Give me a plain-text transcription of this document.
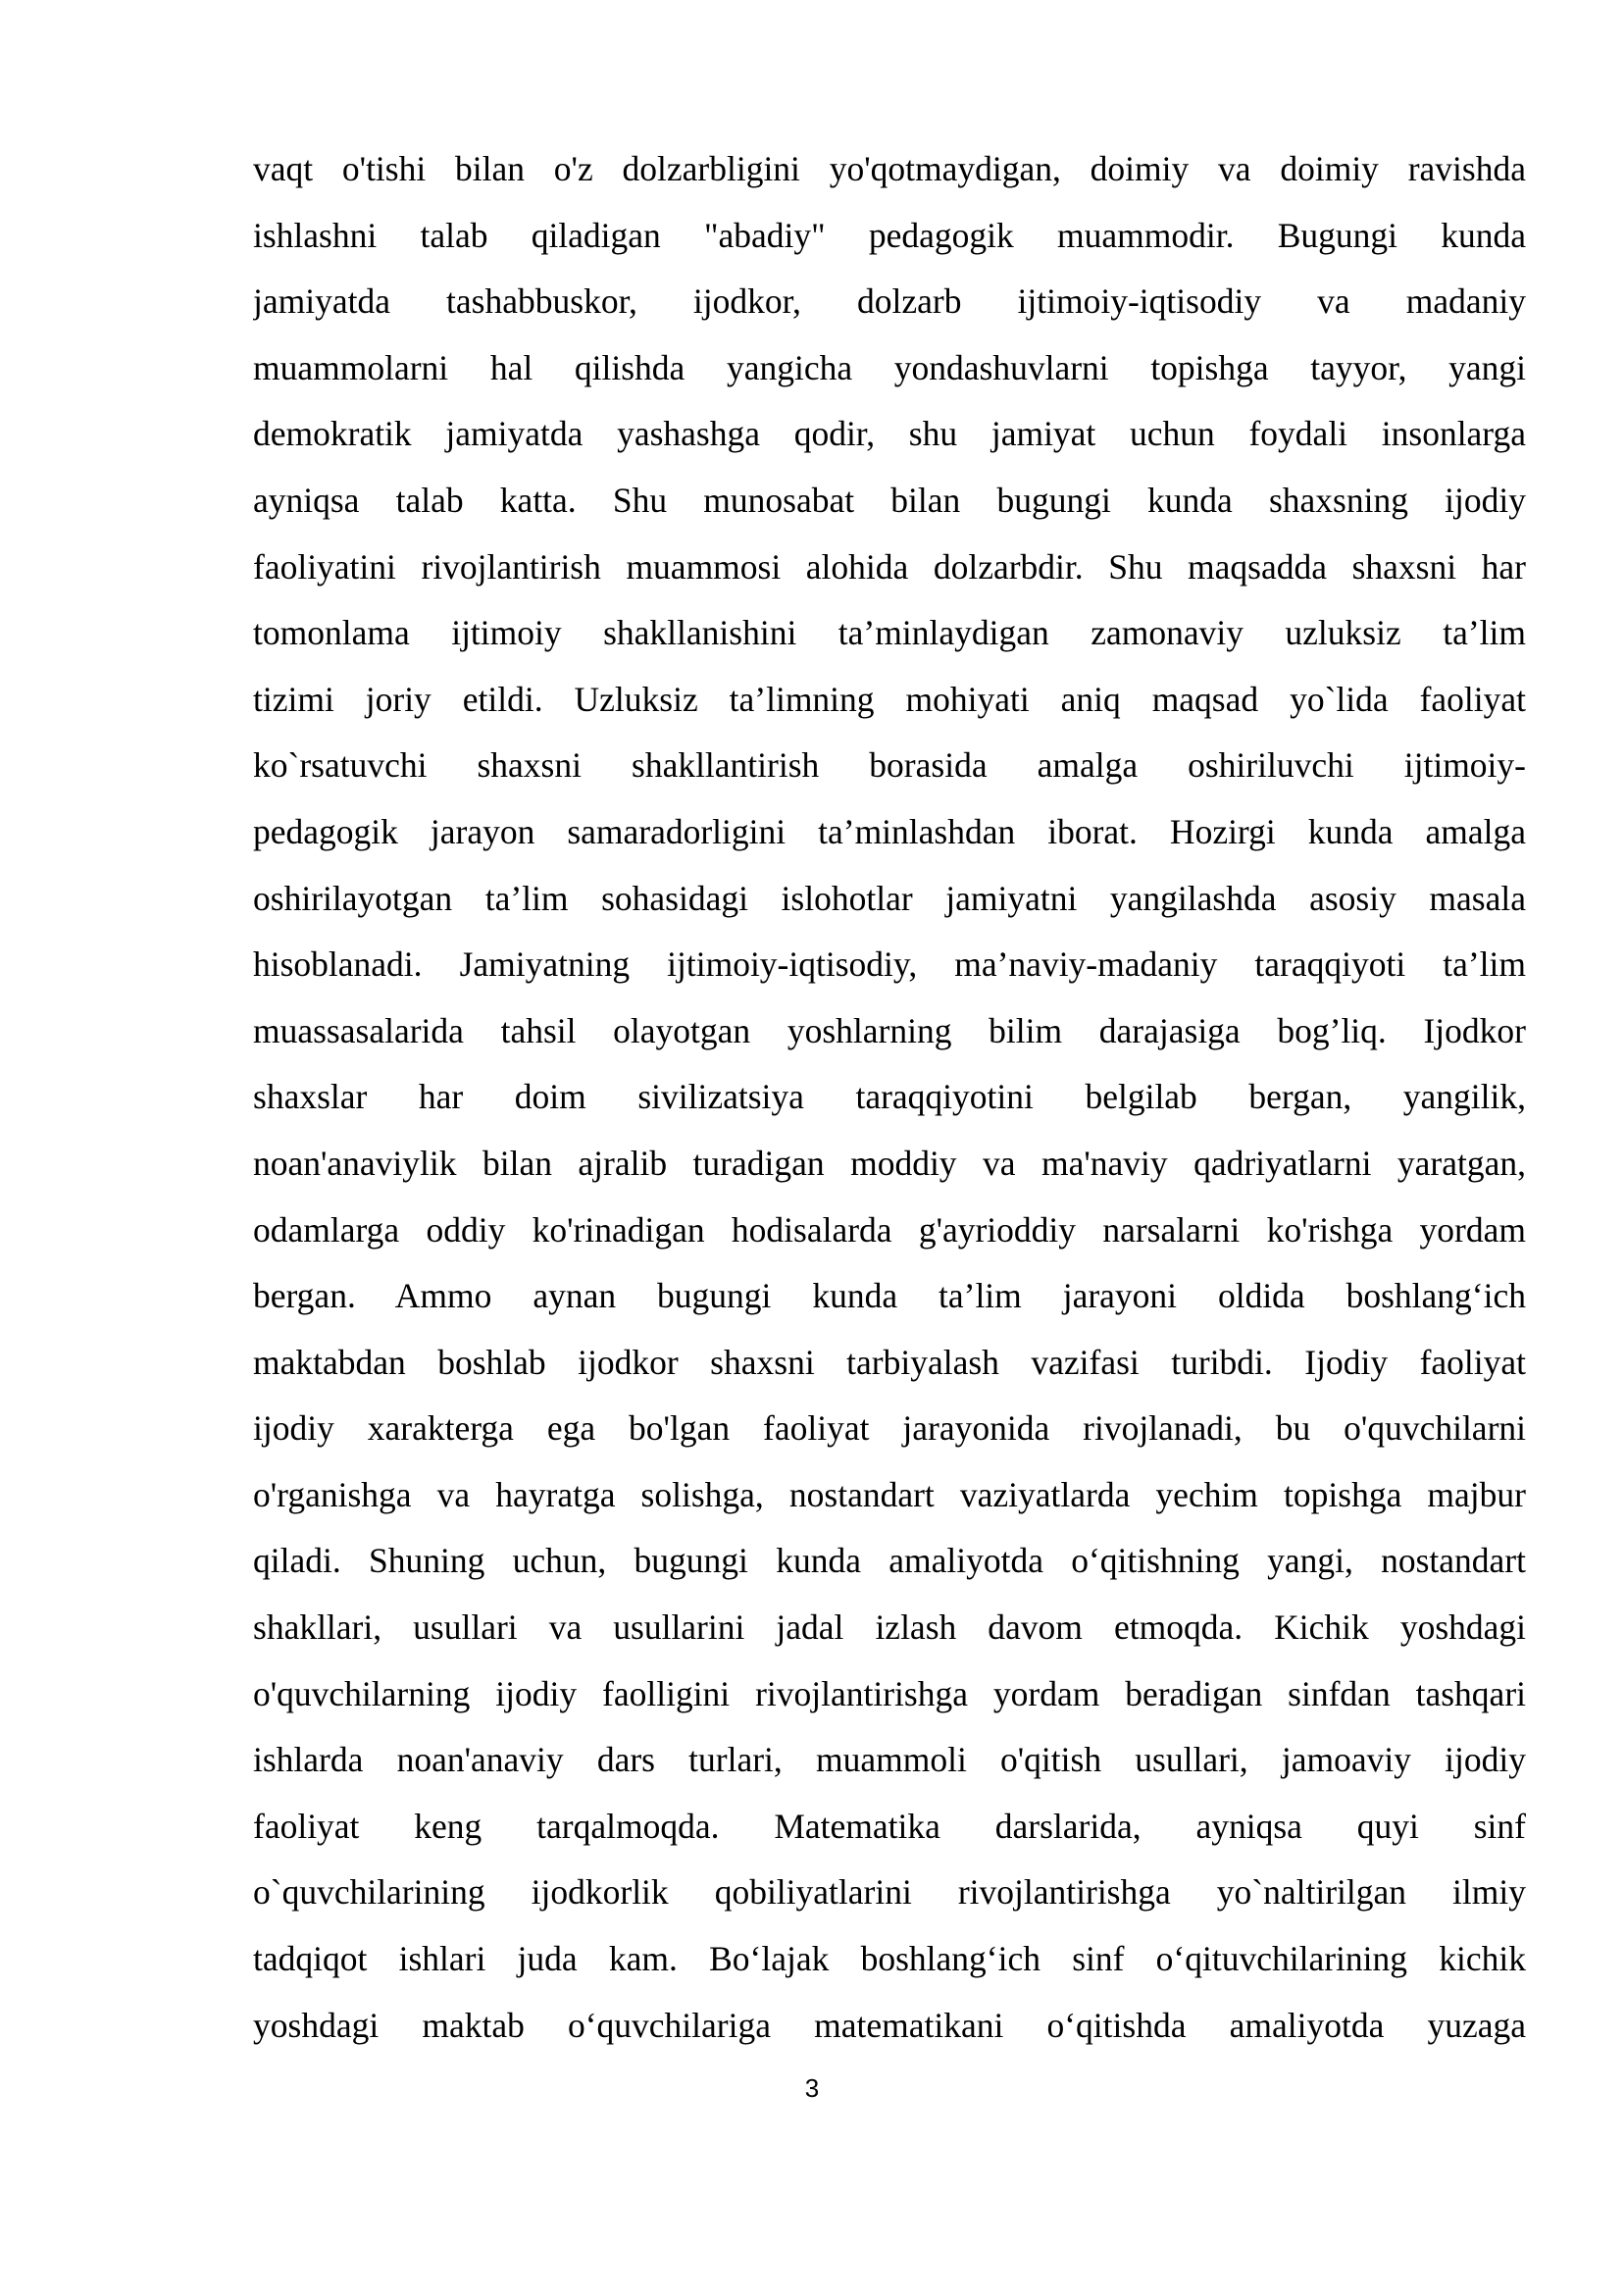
vaqt o'tishi bilan o'z dolzarbligini yo'qotmaydigan, doimiy va doimiy ravishda
ishlashni talab qiladigan "abadiy" pedagogik muammodir. Bugungi kunda
jamiyatda tashabbuskor, ijodkor, dolzarb ijtimoiy-iqtisodiy va madaniy
muammolarni hal qilishda yangicha yondashuvlarni topishga tayyor, yangi
demokratik jamiyatda yashashga qodir, shu jamiyat uchun foydali insonlarga
ayniqsa talab katta. Shu munosabat bilan bugungi kunda shaxsning ijodiy
faoliyatini rivojlantirish muammosi alohida dolzarbdir. Shu maqsadda shaxsni har
tomonlama ijtimoiy shakllanishini ta’minlaydigan zamonaviy uzluksiz ta’lim
tizimi joriy etildi. Uzluksiz ta’limning mohiyati aniq maqsad yo`lida faoliyat
ko`rsatuvchi shaxsni shakllantirish borasida amalga oshiriluvchi ijtimoiy-
pedagogik jarayon samaradorligini ta’minlashdan iborat. Hozirgi kunda amalga
oshirilayotgan ta’lim sohasidagi islohotlar jamiyatni yangilashda asosiy masala
hisoblanadi. Jamiyatning ijtimoiy-iqtisodiy, ma’naviy-madaniy taraqqiyoti ta’lim
muassasalarida tahsil olayotgan yoshlarning bilim darajasiga bog’liq. Ijodkor
shaxslar har doim sivilizatsiya taraqqiyotini belgilab bergan, yangilik,
noan'anaviylik bilan ajralib turadigan moddiy va ma'naviy qadriyatlarni yaratgan,
odamlarga oddiy ko'rinadigan hodisalarda g'ayrioddiy narsalarni ko'rishga yordam
bergan. Ammo aynan bugungi kunda ta’lim jarayoni oldida boshlang‘ich
maktabdan boshlab ijodkor shaxsni tarbiyalash vazifasi turibdi. Ijodiy faoliyat
ijodiy xarakterga ega bo'lgan faoliyat jarayonida rivojlanadi, bu o'quvchilarni
o'rganishga va hayratga solishga, nostandart vaziyatlarda yechim topishga majbur
qiladi. Shuning uchun, bugungi kunda amaliyotda o‘qitishning yangi, nostandart
shakllari, usullari va usullarini jadal izlash davom etmoqda. Kichik yoshdagi
o'quvchilarning ijodiy faolligini rivojlantirishga yordam beradigan sinfdan tashqari
ishlarda noan'anaviy dars turlari, muammoli o'qitish usullari, jamoaviy ijodiy
faoliyat keng tarqalmoqda. Matematika darslarida, ayniqsa quyi sinf
o`quvchilarining ijodkorlik qobiliyatlarini rivojlantirishga yo`naltirilgan ilmiy
tadqiqot ishlari juda kam. Bo‘lajak boshlang‘ich sinf o‘qituvchilarining kichik
yoshdagi maktab o‘quvchilariga matematikani o‘qitishda amaliyotda yuzaga
3
